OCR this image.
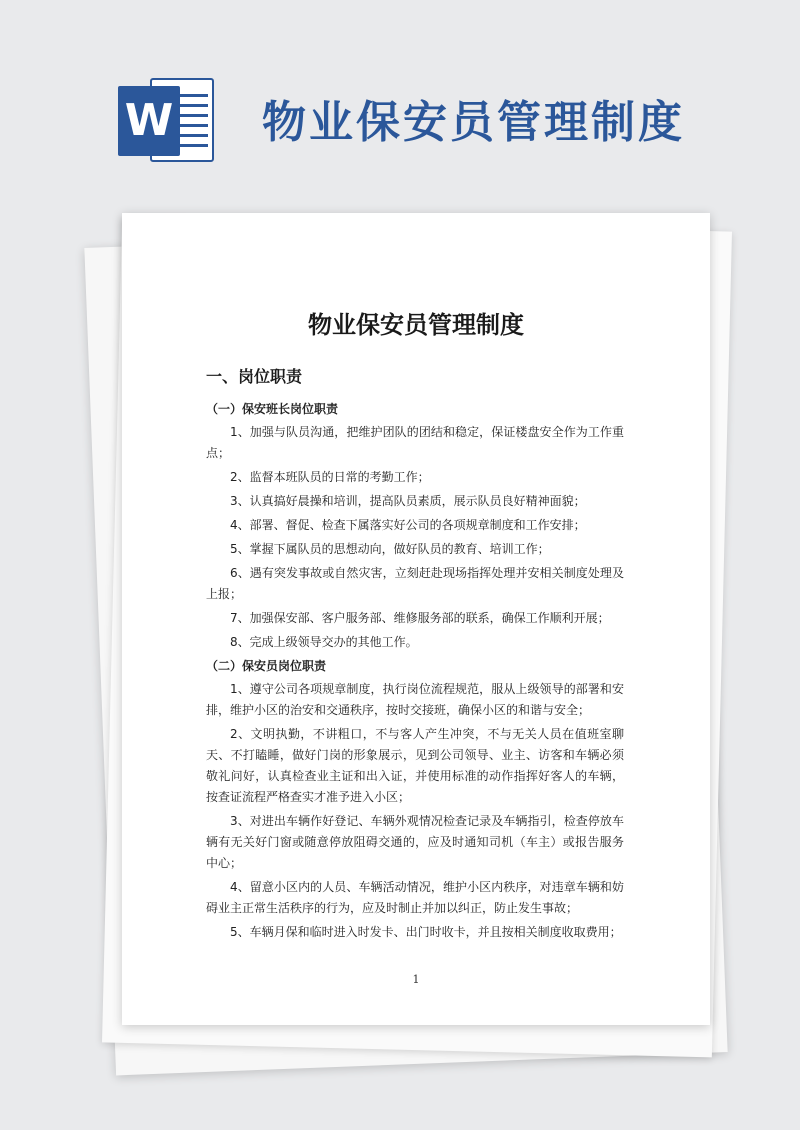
W 物业保安员管理制度
物业保安员管理制度
一、岗位职责

（一）保安班长岗位职责

1、加强与队员沟通，把维护团队的团结和稳定，保证楼盘安全作为工作重点；

2、监督本班队员的日常的考勤工作；

3、认真搞好晨操和培训，提高队员素质，展示队员良好精神面貌；

4、部署、督促、检查下属落实好公司的各项规章制度和工作安排；

5、掌握下属队员的思想动向，做好队员的教育、培训工作；

6、遇有突发事故或自然灾害，立刻赶赴现场指挥处理并安相关制度处理及上报；

7、加强保安部、客户服务部、维修服务部的联系，确保工作顺利开展；

8、完成上级领导交办的其他工作。

（二）保安员岗位职责

1、遵守公司各项规章制度，执行岗位流程规范，服从上级领导的部署和安排，维护小区的治安和交通秩序，按时交接班，确保小区的和谐与安全；

2、文明执勤，不讲粗口，不与客人产生冲突，不与无关人员在值班室聊天、不打瞌睡，做好门岗的形象展示，见到公司领导、业主、访客和车辆必须敬礼问好，认真检查业主证和出入证，并使用标准的动作指挥好客人的车辆，按查证流程严格查实才准予进入小区；

3、对进出车辆作好登记、车辆外观情况检查记录及车辆指引，检查停放车辆有无关好门窗或随意停放阻碍交通的，应及时通知司机（车主）或报告服务中心；

4、留意小区内的人员、车辆活动情况，维护小区内秩序，对违章车辆和妨碍业主正常生活秩序的行为，应及时制止并加以纠正，防止发生事故；

5、车辆月保和临时进入时发卡、出门时收卡，并且按相关制度收取费用；

1
